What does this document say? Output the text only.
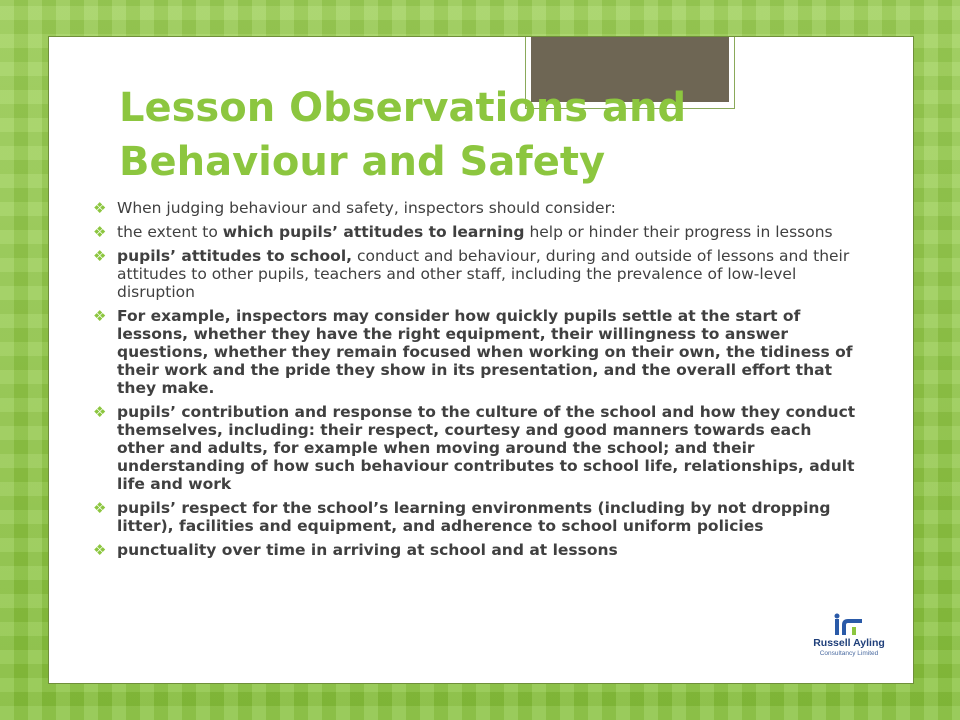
Lesson Observations and
Behaviour and Safety
❖ When judging behaviour and safety, inspectors should consider:
❖ the extent to which pupils’ attitudes to learning help or hinder their progress in lessons
❖ pupils’ attitudes to school, conduct and behaviour, during and outside of lessons and their attitudes to other pupils, teachers and other staff, including the prevalence of low-level disruption
❖ For example, inspectors may consider how quickly pupils settle at the start of lessons, whether they have the right equipment, their willingness to answer questions, whether they remain focused when working on their own, the tidiness of their work and the pride they show in its presentation, and the overall effort that they make.
❖ pupils’ contribution and response to the culture of the school and how they conduct themselves, including: their respect, courtesy and good manners towards each other and adults, for example when moving around the school; and their understanding of how such behaviour contributes to school life, relationships, adult life and work
❖ pupils’ respect for the school’s learning environments (including by not dropping litter), facilities and equipment, and adherence to school uniform policies
❖ punctuality over time in arriving at school and at lessons
Russell Ayling
Consultancy Limited
